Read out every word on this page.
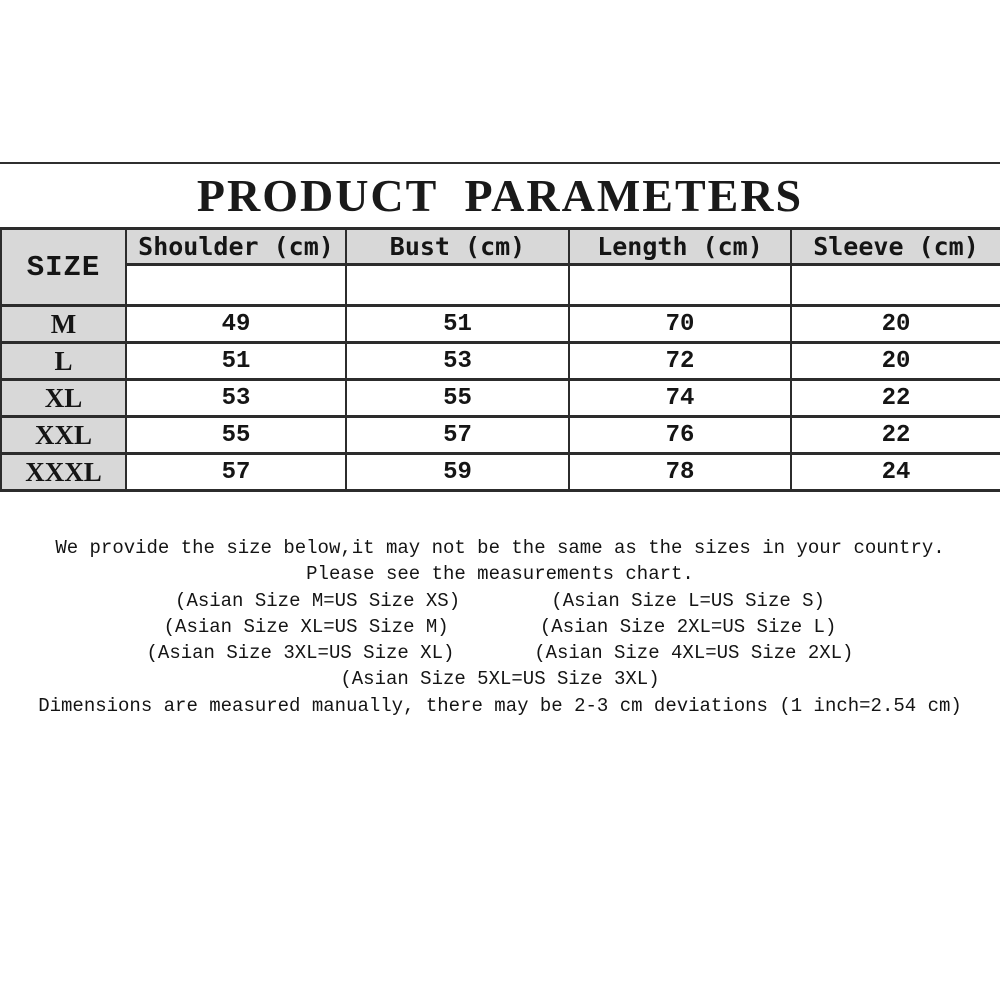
PRODUCT  PARAMETERS
SIZE	Shoulder (cm)	Bust (cm)	Length (cm)	Sleeve (cm)

M	49	51	70	20
L	51	53	72	20
XL	53	55	74	22
XXL	55	57	76	22
XXXL	57	59	78	24
We provide the size below,it may not be the same as the sizes in your country.
Please see the measurements chart.
(Asian Size M=US Size XS)        (Asian Size L=US Size S)
(Asian Size XL=US Size M)        (Asian Size 2XL=US Size L)
(Asian Size 3XL=US Size XL)       (Asian Size 4XL=US Size 2XL)
(Asian Size 5XL=US Size 3XL)
Dimensions are measured manually, there may be 2-3 cm deviations (1 inch=2.54 cm)
